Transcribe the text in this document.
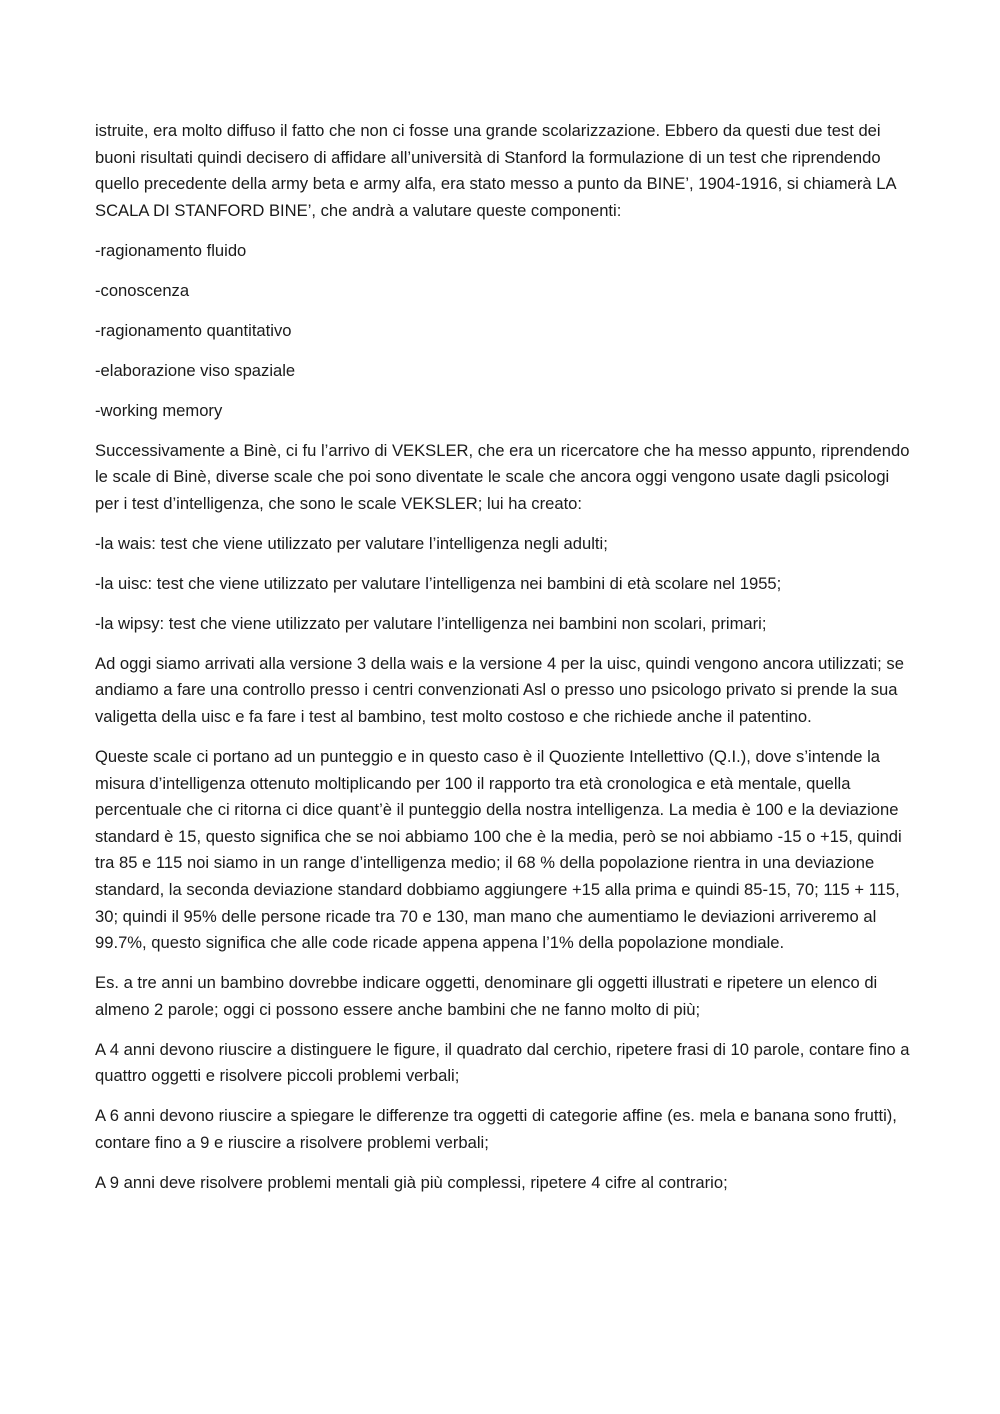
istruite, era molto diffuso il fatto che non ci fosse una grande scolarizzazione. Ebbero da questi due test dei buoni risultati quindi decisero di affidare all’università di Stanford la formulazione di un test che riprendendo quello precedente della army beta e army alfa, era stato messo a punto da BINE’, 1904-1916, si chiamerà LA SCALA DI STANFORD BINE’, che andrà a valutare queste componenti:

-ragionamento fluido

-conoscenza

-ragionamento quantitativo

-elaborazione viso spaziale

-working memory

Successivamente a Binè, ci fu l’arrivo di VEKSLER, che era un ricercatore che ha messo appunto, riprendendo le scale di Binè, diverse scale che poi sono diventate le scale che ancora oggi vengono usate dagli psicologi per i test d’intelligenza, che sono le scale VEKSLER; lui ha creato:

-la wais: test che viene utilizzato per valutare l’intelligenza negli adulti;

-la uisc: test che viene utilizzato per valutare l’intelligenza nei bambini di età scolare nel 1955;

-la wipsy: test che viene utilizzato per valutare l’intelligenza nei bambini non scolari, primari;

Ad oggi siamo arrivati alla versione 3 della wais e la versione 4 per la uisc, quindi vengono ancora utilizzati; se andiamo a fare una controllo presso i centri convenzionati Asl o presso uno psicologo privato si prende la sua valigetta della uisc e fa fare i test al bambino, test molto costoso e che richiede anche il patentino.

Queste scale ci portano ad un punteggio e in questo caso è il Quoziente Intellettivo (Q.I.), dove s’intende la misura d’intelligenza ottenuto moltiplicando per 100 il rapporto tra età cronologica e età mentale, quella percentuale che ci ritorna ci dice quant’è il punteggio della nostra intelligenza. La media è 100 e la deviazione standard è 15, questo significa che se noi abbiamo 100 che è la media, però se noi abbiamo -15 o +15, quindi tra 85 e 115 noi siamo in un range d’intelligenza medio; il 68 % della popolazione rientra in una deviazione standard, la seconda deviazione standard dobbiamo aggiungere +15 alla prima e quindi 85-15, 70; 115 + 115, 30; quindi il 95% delle persone ricade tra 70 e 130, man mano che aumentiamo le deviazioni arriveremo al 99.7%, questo significa che alle code ricade appena appena l’1% della popolazione mondiale.

Es. a tre anni un bambino dovrebbe indicare oggetti, denominare gli oggetti illustrati e ripetere un elenco di almeno 2 parole; oggi ci possono essere anche bambini che ne fanno molto di più;

A 4 anni devono riuscire a distinguere le figure, il quadrato dal cerchio, ripetere frasi di 10 parole, contare fino a quattro oggetti e risolvere piccoli problemi verbali;

A 6 anni devono riuscire a spiegare le differenze tra oggetti di categorie affine (es. mela e banana sono frutti), contare fino a 9 e riuscire a risolvere problemi verbali;

A 9 anni deve risolvere problemi mentali già più complessi, ripetere 4 cifre al contrario;
